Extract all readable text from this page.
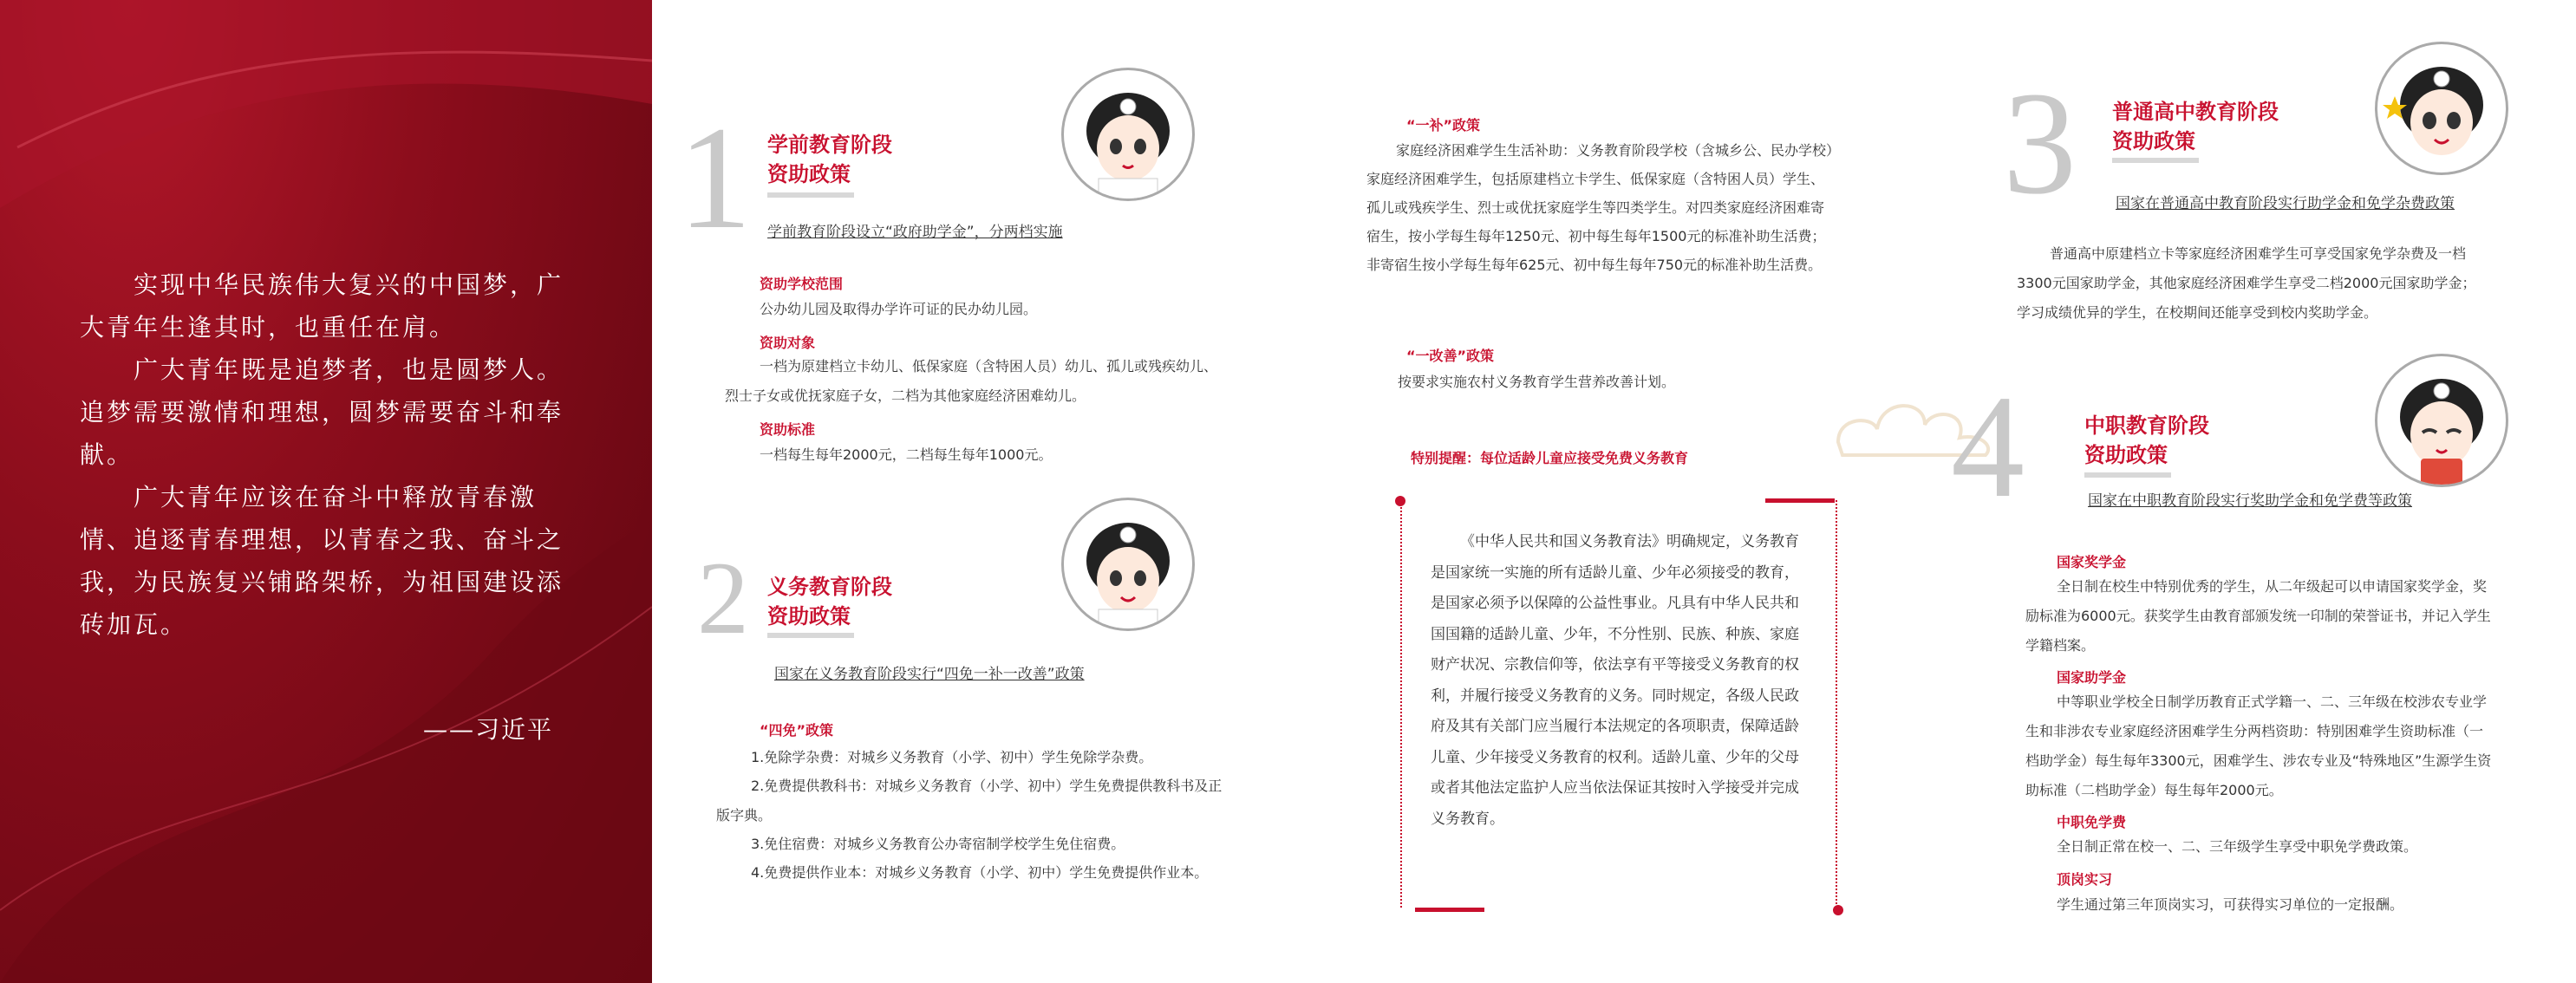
实现中华民族伟大复兴的中国梦，广大青年生逢其时，也重任在肩。

广大青年既是追梦者，也是圆梦人。追梦需要激情和理想，圆梦需要奋斗和奉献。

广大青年应该在奋斗中释放青春激情、追逐青春理想，以青春之我、奋斗之我，为民族复兴铺路架桥，为祖国建设添砖加瓦。

——习近平
1 学前教育阶段
资助政策
学前教育阶段设立“政府助学金”，分两档实施
资助学校范围
公办幼儿园及取得办学许可证的民办幼儿园。
资助对象
一档为原建档立卡幼儿、低保家庭（含特困人员）幼儿、孤儿或残疾幼儿、烈士子女或优抚家庭子女，二档为其他家庭经济困难幼儿。
资助标准
一档每生每年2000元，二档每生每年1000元。
2 义务教育阶段
资助政策
国家在义务教育阶段实行“四免一补一改善”政策
“四免”政策
1.免除学杂费：对城乡义务教育（小学、初中）学生免除学杂费。
2.免费提供教科书：对城乡义务教育（小学、初中）学生免费提供教科书及正版字典。
3.免住宿费：对城乡义务教育公办寄宿制学校学生免住宿费。
4.免费提供作业本：对城乡义务教育（小学、初中）学生免费提供作业本。
“一补”政策
家庭经济困难学生生活补助：义务教育阶段学校（含城乡公、民办学校）家庭经济困难学生，包括原建档立卡学生、低保家庭（含特困人员）学生、孤儿或残疾学生、烈士或优抚家庭学生等四类学生。对四类家庭经济困难寄宿生，按小学每生每年1250元、初中每生每年1500元的标准补助生活费；非寄宿生按小学每生每年625元、初中每生每年750元的标准补助生活费。
“一改善”政策
按要求实施农村义务教育学生营养改善计划。
特别提醒：每位适龄儿童应接受免费义务教育
《中华人民共和国义务教育法》明确规定，义务教育是国家统一实施的所有适龄儿童、少年必须接受的教育，是国家必须予以保障的公益性事业。凡具有中华人民共和国国籍的适龄儿童、少年，不分性别、民族、种族、家庭财产状况、宗教信仰等，依法享有平等接受义务教育的权利，并履行接受义务教育的义务。同时规定，各级人民政府及其有关部门应当履行本法规定的各项职责，保障适龄儿童、少年接受义务教育的权利。适龄儿童、少年的父母或者其他法定监护人应当依法保证其按时入学接受并完成义务教育。
3 普通高中教育阶段
资助政策
国家在普通高中教育阶段实行助学金和免学杂费政策
普通高中原建档立卡等家庭经济困难学生可享受国家免学杂费及一档3300元国家助学金，其他家庭经济困难学生享受二档2000元国家助学金；学习成绩优异的学生，在校期间还能享受到校内奖助学金。
4	中职教育阶段
资助政策
国家在中职教育阶段实行奖助学金和免学费等政策
国家奖学金
全日制在校生中特别优秀的学生，从二年级起可以申请国家奖学金，奖励标准为6000元。获奖学生由教育部颁发统一印制的荣誉证书，并记入学生学籍档案。
国家助学金
中等职业学校全日制学历教育正式学籍一、二、三年级在校涉农专业学生和非涉农专业家庭经济困难学生分两档资助：特别困难学生资助标准（一档助学金）每生每年3300元，困难学生、涉农专业及“特殊地区”生源学生资助标准（二档助学金）每生每年2000元。
中职免学费
全日制正常在校一、二、三年级学生享受中职免学费政策。
顶岗实习
学生通过第三年顶岗实习，可获得实习单位的一定报酬。
